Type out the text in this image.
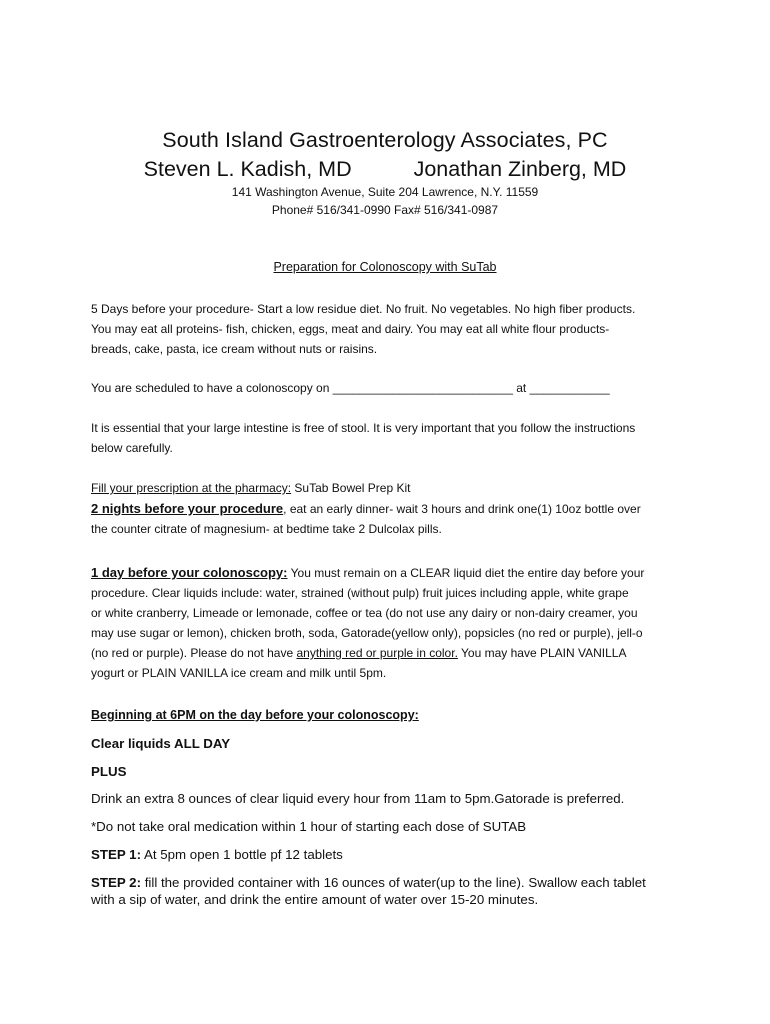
South Island Gastroenterology Associates, PC
Steven L. Kadish, MD	Jonathan Zinberg, MD
141 Washington Avenue, Suite 204 Lawrence, N.Y. 11559
Phone# 516/341-0990 Fax# 516/341-0987
Preparation for Colonoscopy with SuTab
5 Days before your procedure- Start a low residue diet. No fruit. No vegetables. No high fiber products.
You may eat all proteins- fish, chicken, eggs, meat and dairy. You may eat all white flour products-
breads, cake, pasta, ice cream without nuts or raisins.
You are scheduled to have a colonoscopy on ___________________________ at ____________
It is essential that your large intestine is free of stool. It is very important that you follow the instructions
below carefully.
Fill your prescription at the pharmacy: SuTab Bowel Prep Kit
2 nights before your procedure, eat an early dinner- wait 3 hours and drink one(1) 10oz bottle over
the counter citrate of magnesium- at bedtime take 2 Dulcolax pills.
1 day before your colonoscopy: You must remain on a CLEAR liquid diet the entire day before your
procedure. Clear liquids include: water, strained (without pulp) fruit juices including apple, white grape
or white cranberry, Limeade or lemonade, coffee or tea (do not use any dairy or non-dairy creamer, you
may use sugar or lemon), chicken broth, soda, Gatorade(yellow only), popsicles (no red or purple), jell-o
(no red or purple). Please do not have anything red or purple in color. You may have PLAIN VANILLA
yogurt or PLAIN VANILLA ice cream and milk until 5pm.
Beginning at 6PM on the day before your colonoscopy:
Clear liquids ALL DAY
PLUS
Drink an extra 8 ounces of clear liquid every hour from 11am to 5pm.Gatorade is preferred.
*Do not take oral medication within 1 hour of starting each dose of SUTAB
STEP 1: At 5pm open 1 bottle pf 12 tablets
STEP 2: fill the provided container with 16 ounces of water(up to the line). Swallow each tablet
with a sip of water, and drink the entire amount of water over 15-20 minutes.
